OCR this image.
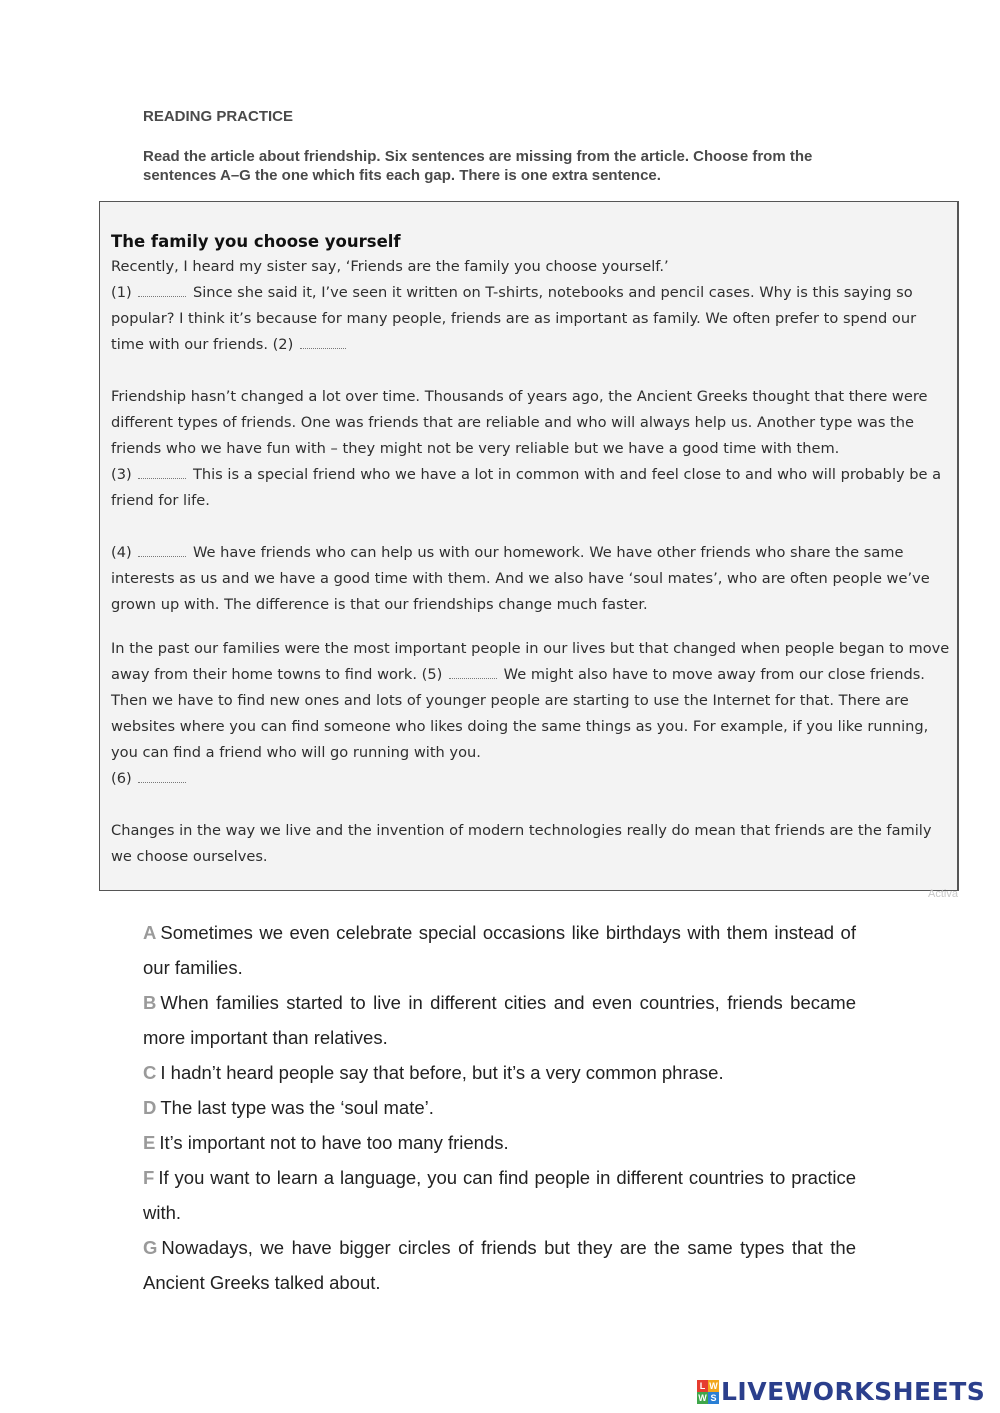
READING PRACTICE
Read the article about friendship. Six sentences are missing from the article. Choose from the sentences A–G the one which fits each gap. There is one extra sentence.
The family you choose yourself

Recently, I heard my sister say, ‘Friends are the family you choose yourself.’
(1)	Since she said it, I’ve seen it written on T-shirts, notebooks and pencil cases. Why is this saying so popular? I think it’s because for many people, friends are as important as family. We often prefer to spend our time with our friends. (2)

Friendship hasn’t changed a lot over time. Thousands of years ago, the Ancient Greeks thought that there were different types of friends. One was friends that are reliable and who will always help us. Another type was the friends who we have fun with – they might not be very reliable but we have a good time with them.
(3)	This is a special friend who we have a lot in common with and feel close to and who will probably be a friend for life.

(4)	We have friends who can help us with our homework. We have other friends who share the same interests as us and we have a good time with them. And we also have ‘soul mates’, who are often people we’ve grown up with. The difference is that our friendships change much faster.

In the past our families were the most important people in our lives but that changed when people began to move away from their home towns to find work. (5)	We might also have to move away from our close friends. Then we have to find new ones and lots of younger people are starting to use the Internet for that. There are websites where you can find someone who likes doing the same things as you. For example, if you like running, you can find a friend who will go running with you.
(6)

Changes in the way we live and the invention of modern technologies really do mean that friends are the family we choose ourselves.

Activa

A Sometimes we even celebrate special occasions like birthdays with them instead of our families.

B When families started to live in different cities and even countries, friends became more important than relatives.

C I hadn’t heard people say that before, but it’s a very common phrase.

D The last type was the ‘soul mate’.

E It’s important not to have too many friends.

F If you want to learn a language, you can find people in different countries to practice with.

G Nowadays, we have bigger circles of friends but they are the same types that the Ancient Greeks talked about.

L W
W S LIVEWORKSHEETS
